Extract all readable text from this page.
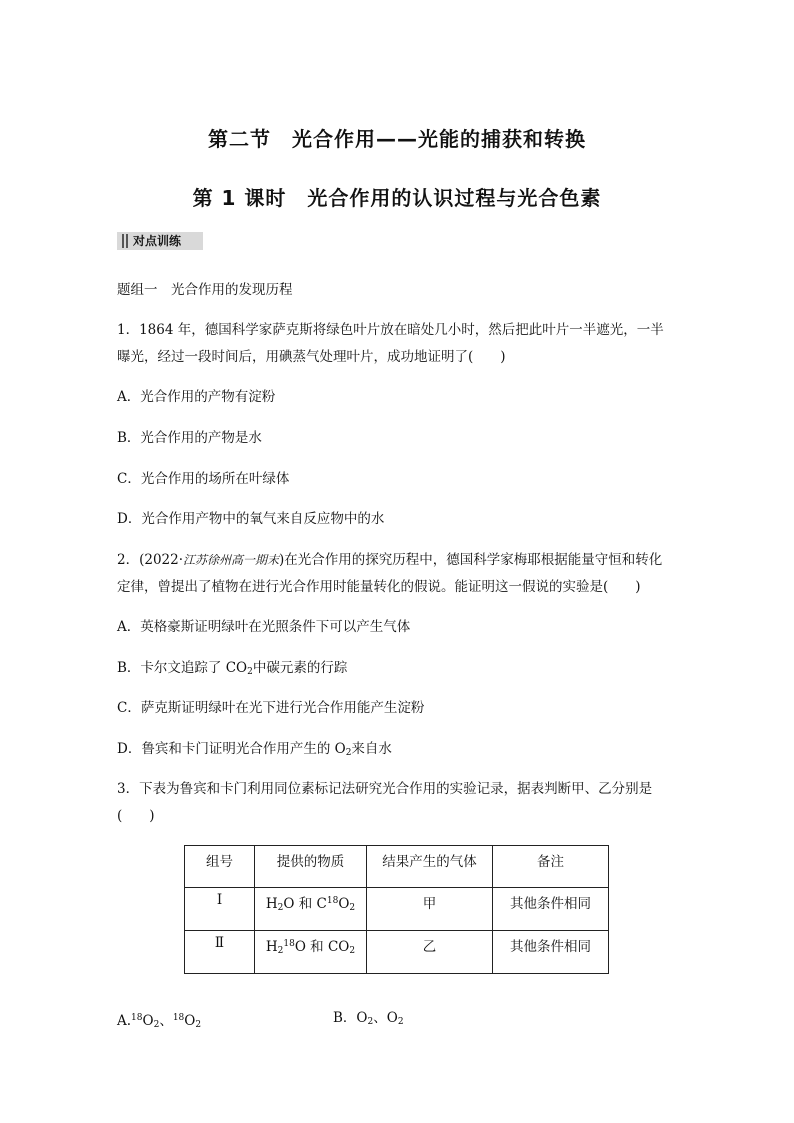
第二节　光合作用——光能的捕获和转换
第 1 课时　光合作用的认识过程与光合色素
对点训练
题组一　光合作用的发现历程
1．1864 年，德国科学家萨克斯将绿色叶片放在暗处几小时，然后把此叶片一半遮光，一半
曝光，经过一段时间后，用碘蒸气处理叶片，成功地证明了(　　)
A．光合作用的产物有淀粉
B．光合作用的产物是水
C．光合作用的场所在叶绿体
D．光合作用产物中的氧气来自反应物中的水
2．(2022·江苏徐州高一期末)在光合作用的探究历程中，德国科学家梅耶根据能量守恒和转化
定律，曾提出了植物在进行光合作用时能量转化的假说。能证明这一假说的实验是(　　)
A．英格豪斯证明绿叶在光照条件下可以产生气体
B．卡尔文追踪了 $CO_2$中碳元素的行踪
C．萨克斯证明绿叶在光下进行光合作用能产生淀粉
D．鲁宾和卡门证明光合作用产生的 $O_2$来自水
3．下表为鲁宾和卡门利用同位素标记法研究光合作用的实验记录，据表判断甲、乙分别是
(　　)
组号	提供的物质	结果产生的气体	备注
Ⅰ	$H_2O$ 和 $C^{18}O_2$	甲	其他条件相同
Ⅱ	$H_2^{18}O$ 和 $CO_2$	乙	其他条件相同
$A.^{18}O_2$、$^{18}O_2$	B．$O_2$、$O_2$
